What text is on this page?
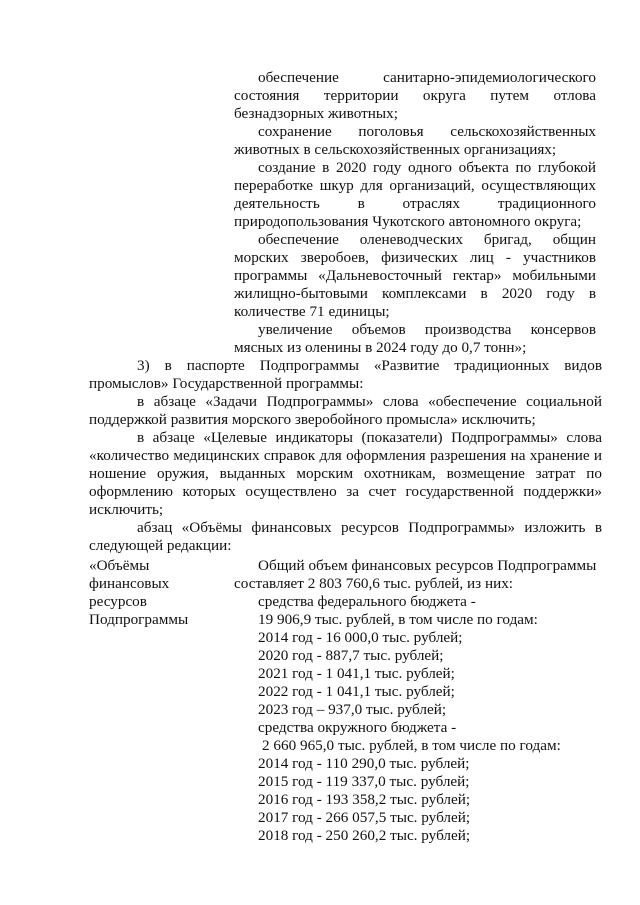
обеспечение санитарно-эпидемиологического
состояния территории округа путем отлова
безнадзорных животных;
сохранение поголовья сельскохозяйственных
животных в сельскохозяйственных организациях;
создание в 2020 году одного объекта по глубокой
переработке шкур для организаций, осуществляющих
деятельность в отраслях традиционного
природопользования Чукотского автономного округа;
обеспечение оленеводческих бригад, общин
морских зверобоев, физических лиц - участников
программы «Дальневосточный гектар» мобильными
жилищно-бытовыми комплексами в 2020 году в
количестве 71 единицы;
увеличение объемов производства консервов
мясных из оленины в 2024 году до 0,7 тонн»;
3) в паспорте Подпрограммы «Развитие традиционных видов
промыслов» Государственной программы:
в абзаце «Задачи Подпрограммы» слова «обеспечение социальной
поддержкой развития морского зверобойного промысла» исключить;
в абзаце «Целевые индикаторы (показатели) Подпрограммы» слова
«количество медицинских справок для оформления разрешения на хранение и
ношение оружия, выданных морским охотникам, возмещение затрат по
оформлению которых осуществлено за счет государственной поддержки»
исключить;
абзац «Объёмы финансовых ресурсов Подпрограммы» изложить в
следующей редакции:
«Объёмы
финансовых
ресурсов
Подпрограммы
Общий объем финансовых ресурсов Подпрограммы
составляет 2 803 760,6 тыс. рублей, из них:
средства федерального бюджета -
19 906,9 тыс. рублей, в том числе по годам:
2014 год - 16 000,0 тыс. рублей;
2020 год - 887,7 тыс. рублей;
2021 год - 1 041,1 тыс. рублей;
2022 год - 1 041,1 тыс. рублей;
2023 год – 937,0 тыс. рублей;
средства окружного бюджета -
2 660 965,0 тыс. рублей, в том числе по годам:
2014 год - 110 290,0 тыс. рублей;
2015 год - 119 337,0 тыс. рублей;
2016 год - 193 358,2 тыс. рублей;
2017 год - 266 057,5 тыс. рублей;
2018 год - 250 260,2 тыс. рублей;
